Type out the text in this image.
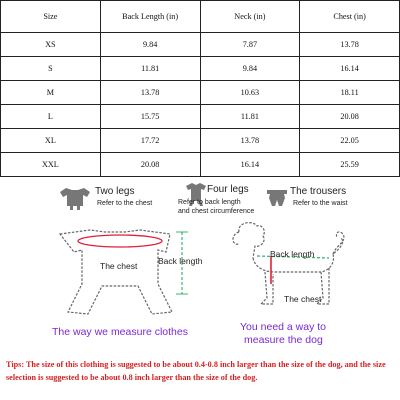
Size	Back Length (in)	Neck (in)	Chest (in)
XS	9.84	7.87	13.78
S	11.81	9.84	16.14
M	13.78	10.63	18.11
L	15.75	11.81	20.08
XL	17.72	13.78	22.05
XXL	20.08	16.14	25.59
Two legs
Refer to the chest
Four legs
Refer to back length
and chest circumference
The trousers
Refer to the waist
The chest Back length
The way we measure clothes
Back length
The chest
You need a way to
measure the dog
Tips: The size of this clothing is suggested to be about 0.4-0.8 inch larger than the size of the dog, and the size selection is suggested to be about 0.8 inch larger than the size of the dog.
